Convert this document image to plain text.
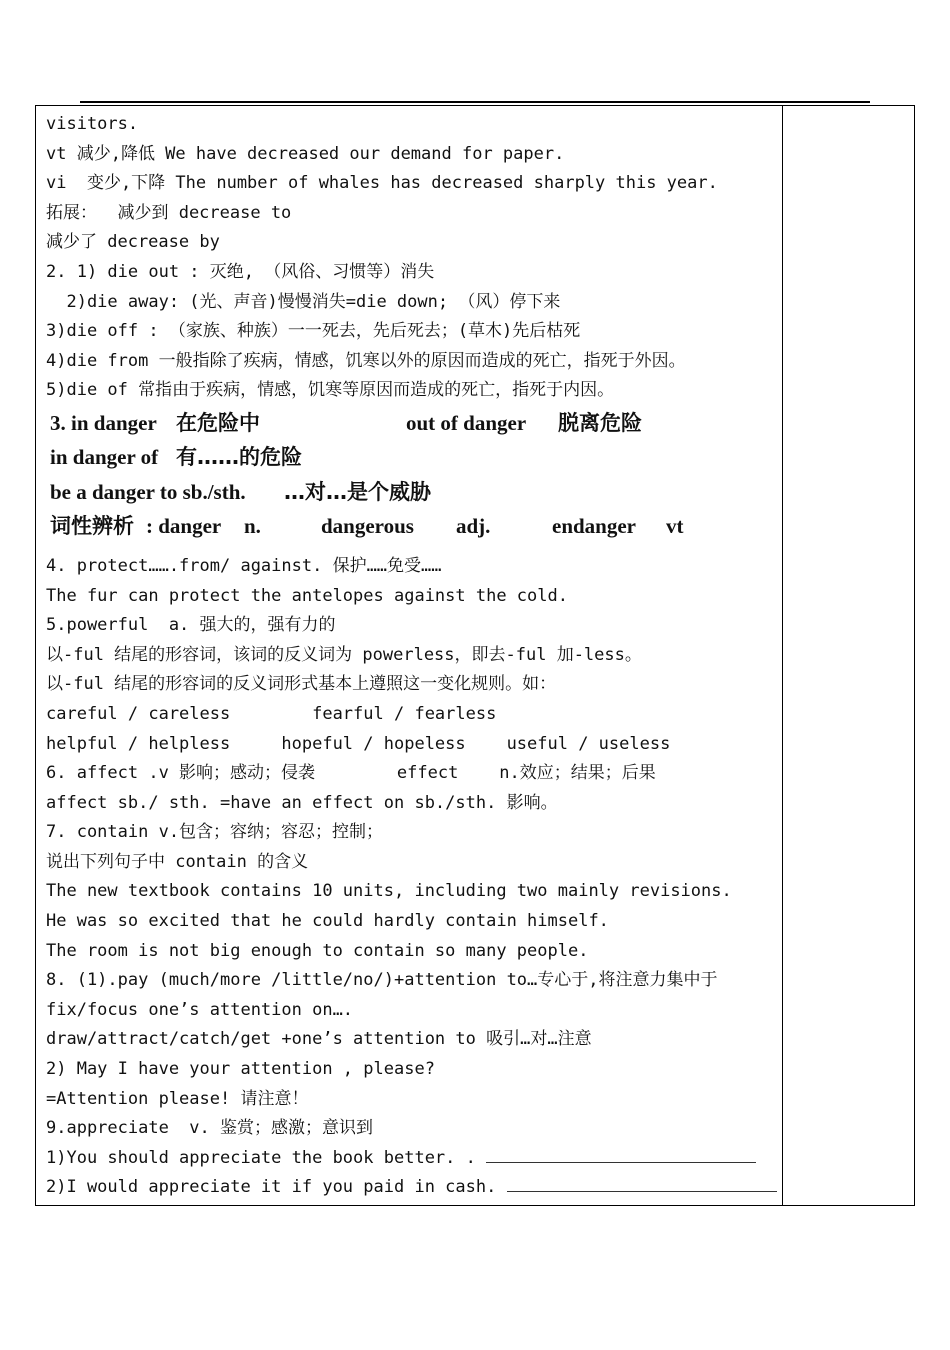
visitors.
vt 减少,降低 We have decreased our demand for paper.
vi  变少,下降 The number of whales has decreased sharply this year.
拓展：  减少到 decrease to
减少了 decrease by
2. 1) die out : 灭绝, （风俗、习惯等）消失
2)die away: (光、声音)慢慢消失=die down; （风）停下来
3)die off : （家族、种族）一一死去，先后死去；(草木)先后枯死
4)die from 一般指除了疾病，情感，饥寒以外的原因而造成的死亡，指死于外因。
5)die of 常指由于疾病，情感，饥寒等原因而造成的死亡，指死于内因。

3. in danger

在危险中

	out of danger

脱离危险

in danger of

有……的危险

be a danger to sb./sth.

…对…是个威胁

词性辨析

: danger

n.

	dangerous

adj.

	endanger

vt

4. protect…….from/ against. 保护……免受……
The fur can protect the antelopes against the cold.
5.powerful  a. 强大的，强有力的
以-ful 结尾的形容词，该词的反义词为 powerless，即去-ful 加-less。
以-ful 结尾的形容词的反义词形式基本上遵照这一变化规则。如：
careful / careless        fearful / fearless
helpful / helpless     hopeful / hopeless    useful / useless
6. affect .v 影响；感动；侵袭        effect    n.效应；结果；后果
affect sb./ sth. =have an effect on sb./sth. 影响。
7. contain v.包含；容纳；容忍；控制；
说出下列句子中 contain 的含义
The new textbook contains 10 units, including two mainly revisions.
He was so excited that he could hardly contain himself.
The room is not big enough to contain so many people.
8. (1).pay (much/more /little/no/)+attention to…专心于,将注意力集中于
fix/focus one’s attention on….
draw/attract/catch/get +one’s attention to 吸引…对…注意
2) May I have your attention , please?
=Attention please! 请注意！
9.appreciate  v. 鉴赏；感激；意识到
1)You should appreciate the book better. .
2)I would appreciate it if you paid in cash.
